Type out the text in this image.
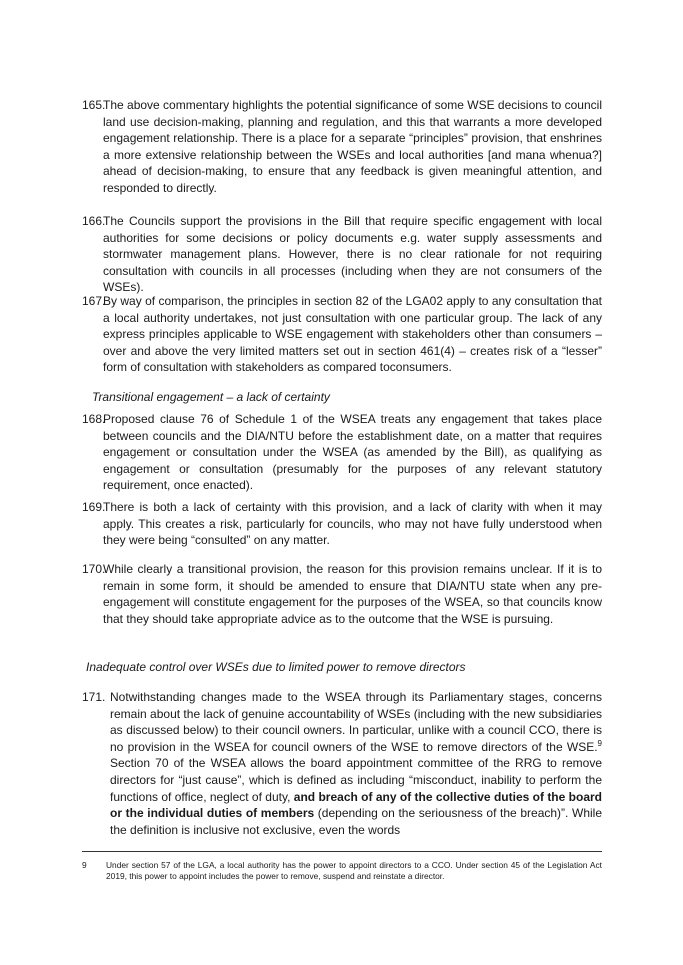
165.
The above commentary highlights the potential significance of some WSE decisions to council land use decision-making, planning and regulation, and this that warrants a more developed engagement relationship. There is a place for a separate “principles” provision, that enshrines a more extensive relationship between the WSEs and local authorities [and mana whenua?] ahead of decision-making, to ensure that any feedback is given meaningful attention, and responded to directly.
166.
The Councils support the provisions in the Bill that require specific engagement with local authorities for some decisions or policy documents e.g. water supply assessments and stormwater management plans. However, there is no clear rationale for not requiring consultation with councils in all processes (including when they are not consumers of the WSEs).
167.
By way of comparison, the principles in section 82 of the LGA02 apply to any consultation that a local authority undertakes, not just consultation with one particular group. The lack of any express principles applicable to WSE engagement with stakeholders other than consumers – over and above the very limited matters set out in section 461(4) – creates risk of a “lesser” form of consultation with stakeholders as compared toconsumers.
Transitional engagement – a lack of certainty
168.
Proposed clause 76 of Schedule 1 of the WSEA treats any engagement that takes place between councils and the DIA/NTU before the establishment date, on a matter that requires engagement or consultation under the WSEA (as amended by the Bill), as qualifying as engagement or consultation (presumably for the purposes of any relevant statutory requirement, once enacted).
169.
There is both a lack of certainty with this provision, and a lack of clarity with when it may apply. This creates a risk, particularly for councils, who may not have fully understood when they were being “consulted” on any matter.
170.
While clearly a transitional provision, the reason for this provision remains unclear. If it is to remain in some form, it should be amended to ensure that DIA/NTU state when any pre-engagement will constitute engagement for the purposes of the WSEA, so that councils know that they should take appropriate advice as to the outcome that the WSE is pursuing.
Inadequate control over WSEs due to limited power to remove directors
171. Notwithstanding changes made to the WSEA through its Parliamentary stages, concerns remain about the lack of genuine accountability of WSEs (including with the new subsidiaries as discussed below) to their council owners. In particular, unlike with a council CCO, there is no provision in the WSEA for council owners of the WSE to remove directors of the WSE.$^9$ Section 70 of the WSEA allows the board appointment committee of the RRG to remove directors for “just cause”, which is defined as including “misconduct, inability to perform the functions of office, neglect of duty, and breach of any of the collective duties of the board or the individual duties of members (depending on the seriousness of the breach)”. While the definition is inclusive not exclusive, even the words
9 Under section 57 of the LGA, a local authority has the power to appoint directors to a CCO. Under section 45 of the Legislation Act 2019, this power to appoint includes the power to remove, suspend and reinstate a director.
